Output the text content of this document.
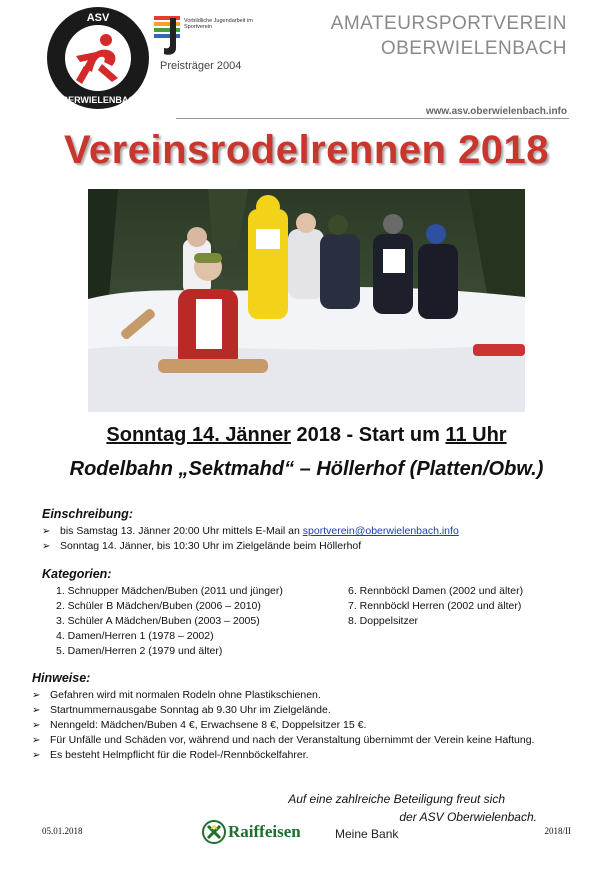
ASV
OBERWIELENBACH
Vorbildliche Jugendarbeit im Sportverein
Preisträger 2004
AMATEURSPORTVEREIN
OBERWIELENBACH
www.asv.oberwielenbach.info
Vereinsrodelrennen 2018
Sonntag 14. Jänner 2018 - Start um 11 Uhr
Rodelbahn „Sektmahd“ – Höllerhof (Platten/Obw.)
Einschreibung:
➢ bis Samstag 13. Jänner 20:00 Uhr mittels E-Mail an sportverein@oberwielenbach.info
➢ Sonntag 14. Jänner, bis 10:30 Uhr im Zielgelände beim Höllerhof
Kategorien:
1. Schnupper Mädchen/Buben (2011 und jünger)
2. Schüler B Mädchen/Buben (2006 – 2010)
3. Schüler A Mädchen/Buben (2003 – 2005)
4. Damen/Herren 1 (1978 – 2002)
5. Damen/Herren 2 (1979 und älter)
6. Rennböckl Damen (2002 und älter)
7. Rennböckl Herren (2002 und älter)
8. Doppelsitzer
Hinweise:
➢ Gefahren wird mit normalen Rodeln ohne Plastikschienen.
➢ Startnummernausgabe Sonntag ab 9.30 Uhr im Zielgelände.
➢ Nenngeld: Mädchen/Buben 4 €, Erwachsene 8 €, Doppelsitzer 15 €.
➢ Für Unfälle und Schäden vor, während und nach der Veranstaltung übernimmt der Verein keine Haftung.
➢ Es besteht Helmpflicht für die Rodel-/Rennböckelfahrer.
Auf eine zahlreiche Beteiligung freut sich
der ASV Oberwielenbach.
05.01.2018	2018/II
Raiffeisen	Meine Bank
